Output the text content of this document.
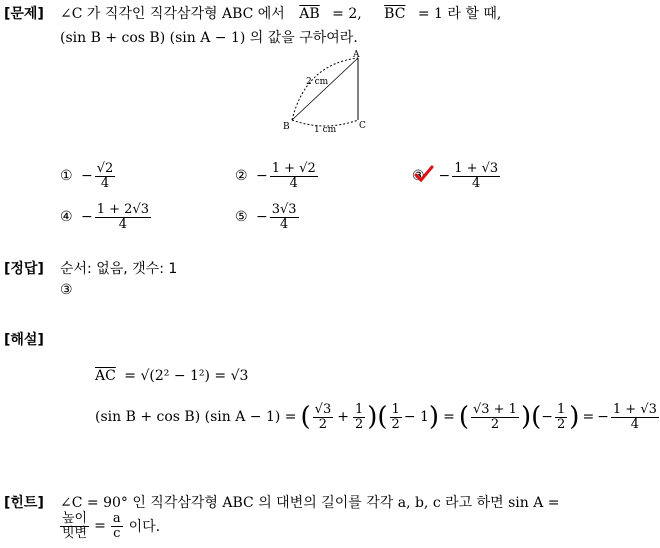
[문제] ∠C 가 직각인 직각삼각형 ABC 에서 $\overline{AB} = 2$, $\overline{BC} = 1$ 라 할 때,
(sin B + cos B) (sin A − 1) 의 값을 구하여라.
A
B	C
2 cm
1 cm
① − $\frac{√2}{4}$	② − $\frac{1 + √2}{4}$	③ − $\frac{1 + √3}{4}$
④ − $\frac{1 + 2√3}{4}$	⑤ − $\frac{3√3}{4}$
[정답] 순서: 없음, 갯수: 1
③
[해설]
$\overline{AC} = √(2^2 - 1^2) = √3$
(sin B + cos B) (sin A − 1) = ( $\frac{√3}{2} + \frac{1}{2}$ ) ( $\frac{1}{2} - 1$ ) = ( $\frac{√3 + 1}{2}$ ) ( − $\frac{1}{2}$ ) = − $\frac{1 + √3}{4}$
[힌트] ∠C = 90° 인 직각삼각형 ABC 의 대변의 길이를 각각 a, b, c 라고 하면 sin A =
$\frac{\text{높이}}{\text{빗변}} = \frac{a}{c}$ 이다.
